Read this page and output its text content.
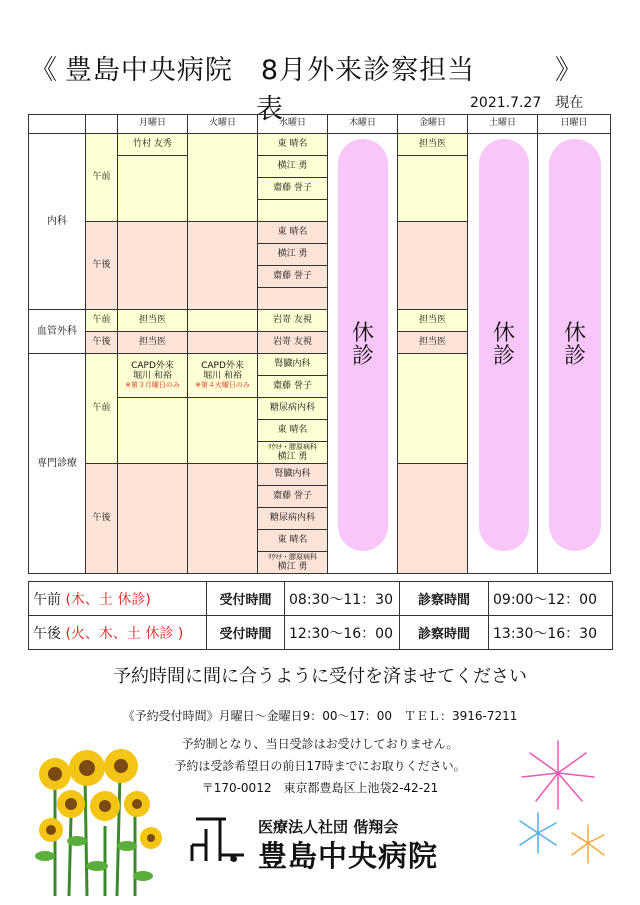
《 豊島中央病院　8月外来診察担当表
》
2021.7.27　現在
		月曜日	火曜日	水曜日	木曜日	金曜日	土曜日	日曜日
内科	午前	竹村 友秀		東 晴名		担当医		
				横江 勇				
				齋藤 誉子				

	午後			東 晴名				
				横江 勇				
				齋藤 誉子				

血管外科	午前	担当医		岩嵜 友視		担当医		
	午後	担当医		岩嵜 友視		担当医		
専門診療	午前	CAPD外来
堀川 和裕
※第３月曜日のみ	CAPD外来
堀川 和裕
※第４火曜日のみ	腎臓内科				
				齋藤 誉子				
				糖尿病内科				
				東 晴名				
				ﾘｳﾏﾁ・膠原病科
横江 勇				
	午後			腎臓内科				
				齋藤 誉子				
				糖尿病内科				
				東 晴名				
				ﾘｳﾏﾁ・膠原病科
横江 勇				
休
診
休
診
休
診
午前 (木、土 休診)	受付時間	08:30〜11：30	診察時間	09:00〜12：00
午後 (火、木、土 休診 )	受付時間	12:30〜16：00	診察時間	13:30〜16：30
予約時間に間に合うように受付を済ませてください
《予約受付時間》月曜日〜金曜日9：00〜17：00　ＴＥＬ：3916-7211
予約制となり、当日受診はお受けしておりません。
予約は受診希望日の前日17時までにお取りください。
〒170-0012　東京都豊島区上池袋2-42-21
医療法人社団 偕翔会
豊島中央病院
